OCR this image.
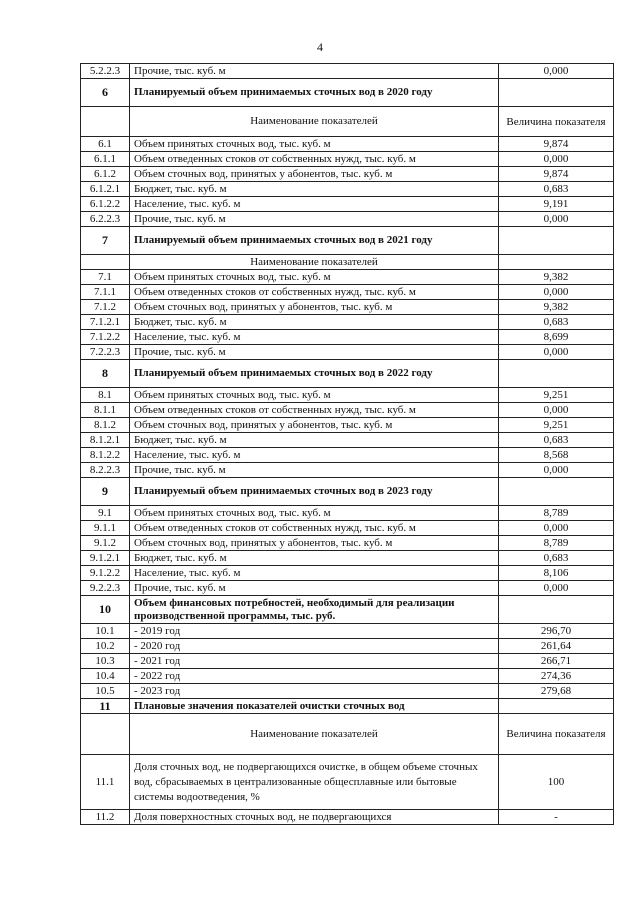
4
5.2.2.3	Прочие, тыс. куб. м	0,000
6	Планируемый объем принимаемых сточных вод в 2020 году	
	Наименование показателей	Величина показателя
6.1	Объем принятых сточных вод, тыс. куб. м	9,874
6.1.1	Объем отведенных стоков от собственных нужд, тыс. куб. м	0,000
6.1.2	Объем сточных вод, принятых у абонентов, тыс. куб. м	9,874
6.1.2.1	Бюджет, тыс. куб. м	0,683
6.1.2.2	Население, тыс. куб. м	9,191
6.2.2.3	Прочие, тыс. куб. м	0,000
7	Планируемый объем принимаемых сточных вод в 2021 году	
	Наименование показателей	
7.1	Объем принятых сточных вод, тыс. куб. м	9,382
7.1.1	Объем отведенных стоков от собственных нужд, тыс. куб. м	0,000
7.1.2	Объем сточных вод, принятых у абонентов, тыс. куб. м	9,382
7.1.2.1	Бюджет, тыс. куб. м	0,683
7.1.2.2	Население, тыс. куб. м	8,699
7.2.2.3	Прочие, тыс. куб. м	0,000
8	Планируемый объем принимаемых сточных вод в 2022 году	
8.1	Объем принятых сточных вод, тыс. куб. м	9,251
8.1.1	Объем отведенных стоков от собственных нужд, тыс. куб. м	0,000
8.1.2	Объем сточных вод, принятых у абонентов, тыс. куб. м	9,251
8.1.2.1	Бюджет, тыс. куб. м	0,683
8.1.2.2	Население, тыс. куб. м	8,568
8.2.2.3	Прочие, тыс. куб. м	0,000
9	Планируемый объем принимаемых сточных вод в 2023 году	
9.1	Объем принятых сточных вод, тыс. куб. м	8,789
9.1.1	Объем отведенных стоков от собственных нужд, тыс. куб. м	0,000
9.1.2	Объем сточных вод, принятых у абонентов, тыс. куб. м	8,789
9.1.2.1	Бюджет, тыс. куб. м	0,683
9.1.2.2	Население, тыс. куб. м	8,106
9.2.2.3	Прочие, тыс. куб. м	0,000
10	Объем финансовых потребностей, необходимый для реализации производственной программы, тыс. руб.	
10.1	- 2019 год	296,70
10.2	- 2020 год	261,64
10.3	- 2021 год	266,71
10.4	- 2022 год	274,36
10.5	- 2023 год	279,68
11	Плановые значения показателей очистки сточных вод	
	Наименование показателей	Величина показателя
11.1	Доля сточных вод, не подвергающихся очистке, в общем объеме сточных вод, сбрасываемых в централизованные общесплавные или бытовые системы водоотведения, %	100
11.2	Доля поверхностных сточных вод, не подвергающихся	-
